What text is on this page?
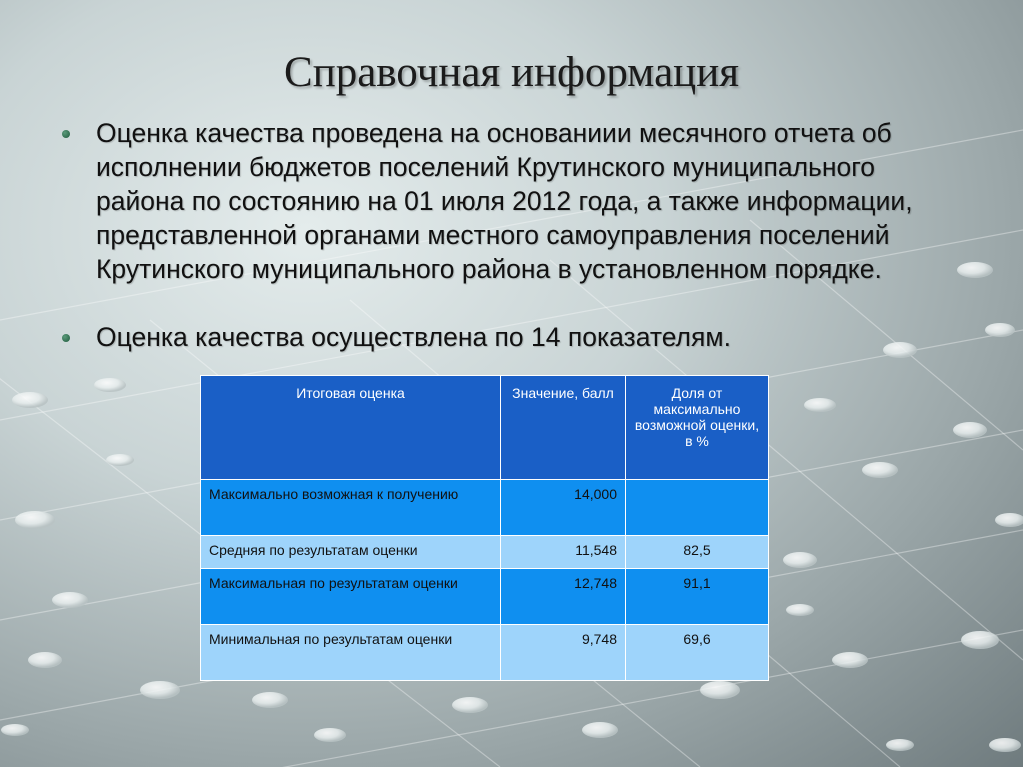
Справочная информация
Оценка качества проведена на основаниии месячного отчета об исполнении бюджетов поселений Крутинского муниципального района по состоянию на 01 июля 2012 года, а также информации, представленной органами местного самоуправления поселений Крутинского муниципального района в установленном порядке.
Оценка качества осуществлена по 14 показателям.
Итоговая оценка	Значение, балл	Доля от максимально возможной оценки, в %
Максимально возможная к получению	14,000	
Средняя по результатам оценки	11,548	82,5
Максимальная по результатам оценки	12,748	91,1
Минимальная по результатам оценки	9,748	69,6
